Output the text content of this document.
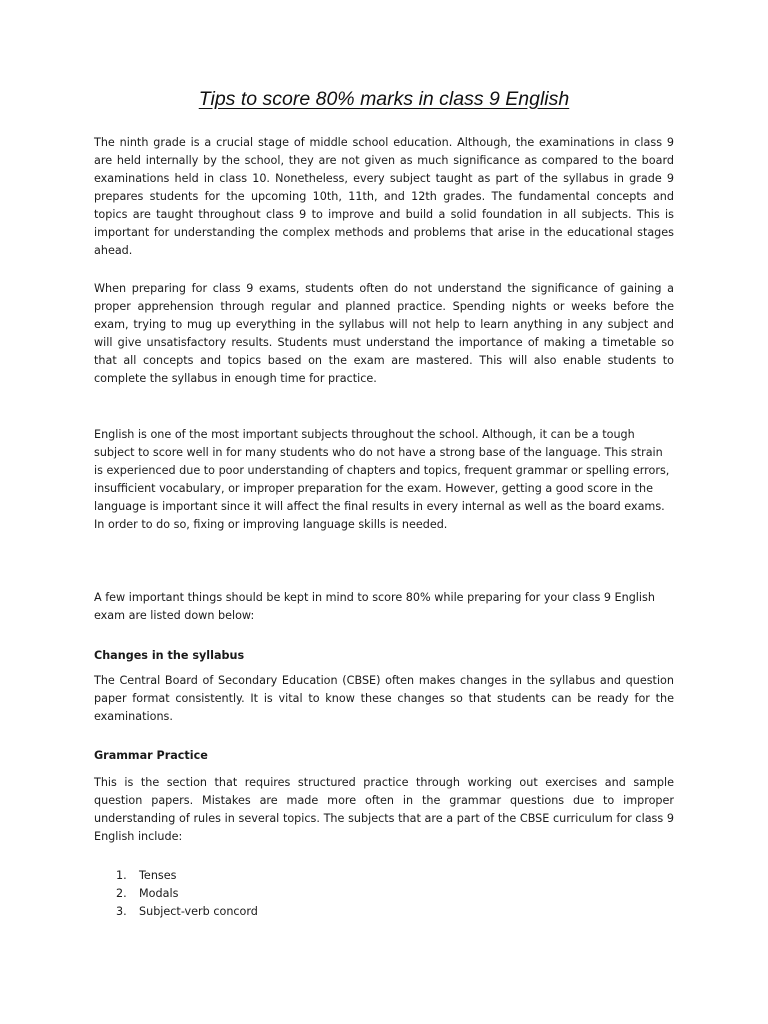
Tips to score 80% marks in class 9 English

The ninth grade is a crucial stage of middle school education. Although, the examinations in class 9 are held internally by the school, they are not given as much significance as compared to the board examinations held in class 10. Nonetheless, every subject taught as part of the syllabus in grade 9 prepares students for the upcoming 10th, 11th, and 12th grades. The fundamental concepts and topics are taught throughout class 9 to improve and build a solid foundation in all subjects. This is important for understanding the complex methods and problems that arise in the educational stages ahead.

When preparing for class 9 exams, students often do not understand the significance of gaining a proper apprehension through regular and planned practice. Spending nights or weeks before the exam, trying to mug up everything in the syllabus will not help to learn anything in any subject and will give unsatisfactory results. Students must understand the importance of making a timetable so that all concepts and topics based on the exam are mastered. This will also enable students to complete the syllabus in enough time for practice.

English is one of the most important subjects throughout the school. Although, it can be a tough subject to score well in for many students who do not have a strong base of the language. This strain is experienced due to poor understanding of chapters and topics, frequent grammar or spelling errors, insufficient vocabulary, or improper preparation for the exam. However, getting a good score in the language is important since it will affect the final results in every internal as well as the board exams. In order to do so, fixing or improving language skills is needed.

A few important things should be kept in mind to score 80% while preparing for your class 9 English exam are listed down below:

Changes in the syllabus

The Central Board of Secondary Education (CBSE) often makes changes in the syllabus and question paper format consistently. It is vital to know these changes so that students can be ready for the examinations.

Grammar Practice

This is the section that requires structured practice through working out exercises and sample question papers. Mistakes are made more often in the grammar questions due to improper understanding of rules in several topics. The subjects that are a part of the CBSE curriculum for class 9 English include:

1.	Tenses
2.	Modals
3.	Subject-verb concord
